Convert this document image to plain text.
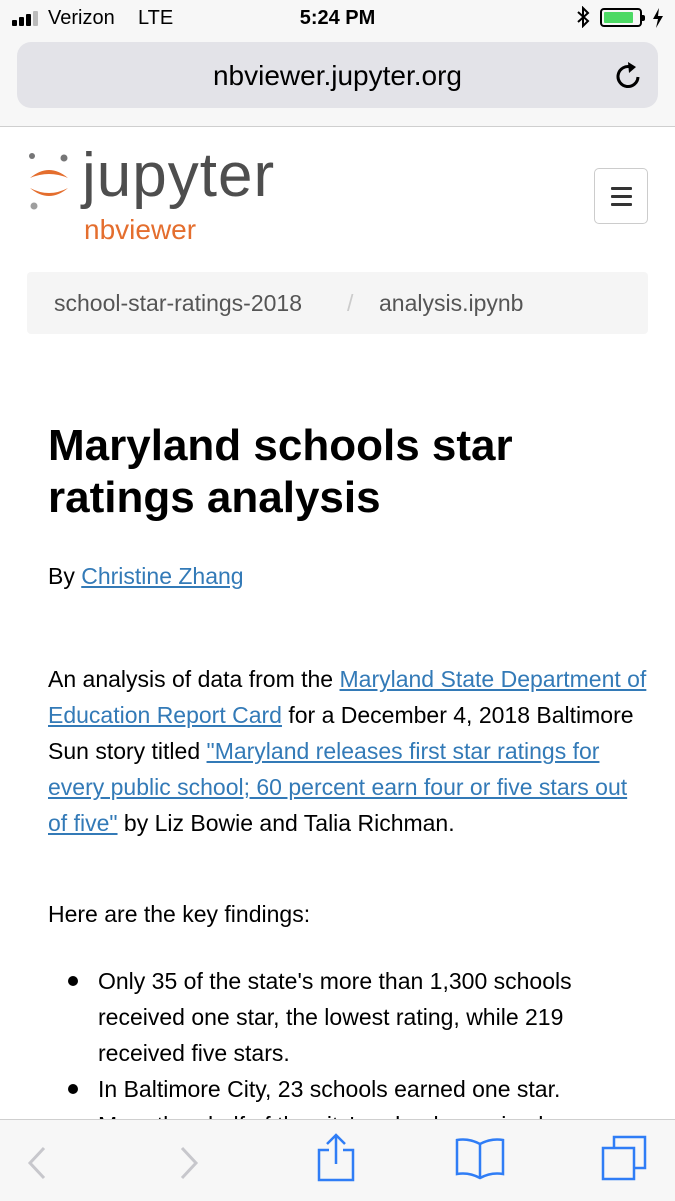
Verizon LTE	5:24 PM
nbviewer.jupyter.org
jupyter
nbviewer
school-star-ratings-2018 / analysis.ipynb
Maryland schools star ratings analysis
By Christine Zhang

An analysis of data from the Maryland State Department of Education Report Card for a December 4, 2018 Baltimore Sun story titled "Maryland releases first star ratings for every public school; 60 percent earn four or five stars out of five" by Liz Bowie and Talia Richman.

Here are the key findings:

Only 35 of the state's more than 1,300 schools received one star, the lowest rating, while 219 received five stars.
In Baltimore City, 23 schools earned one star.
